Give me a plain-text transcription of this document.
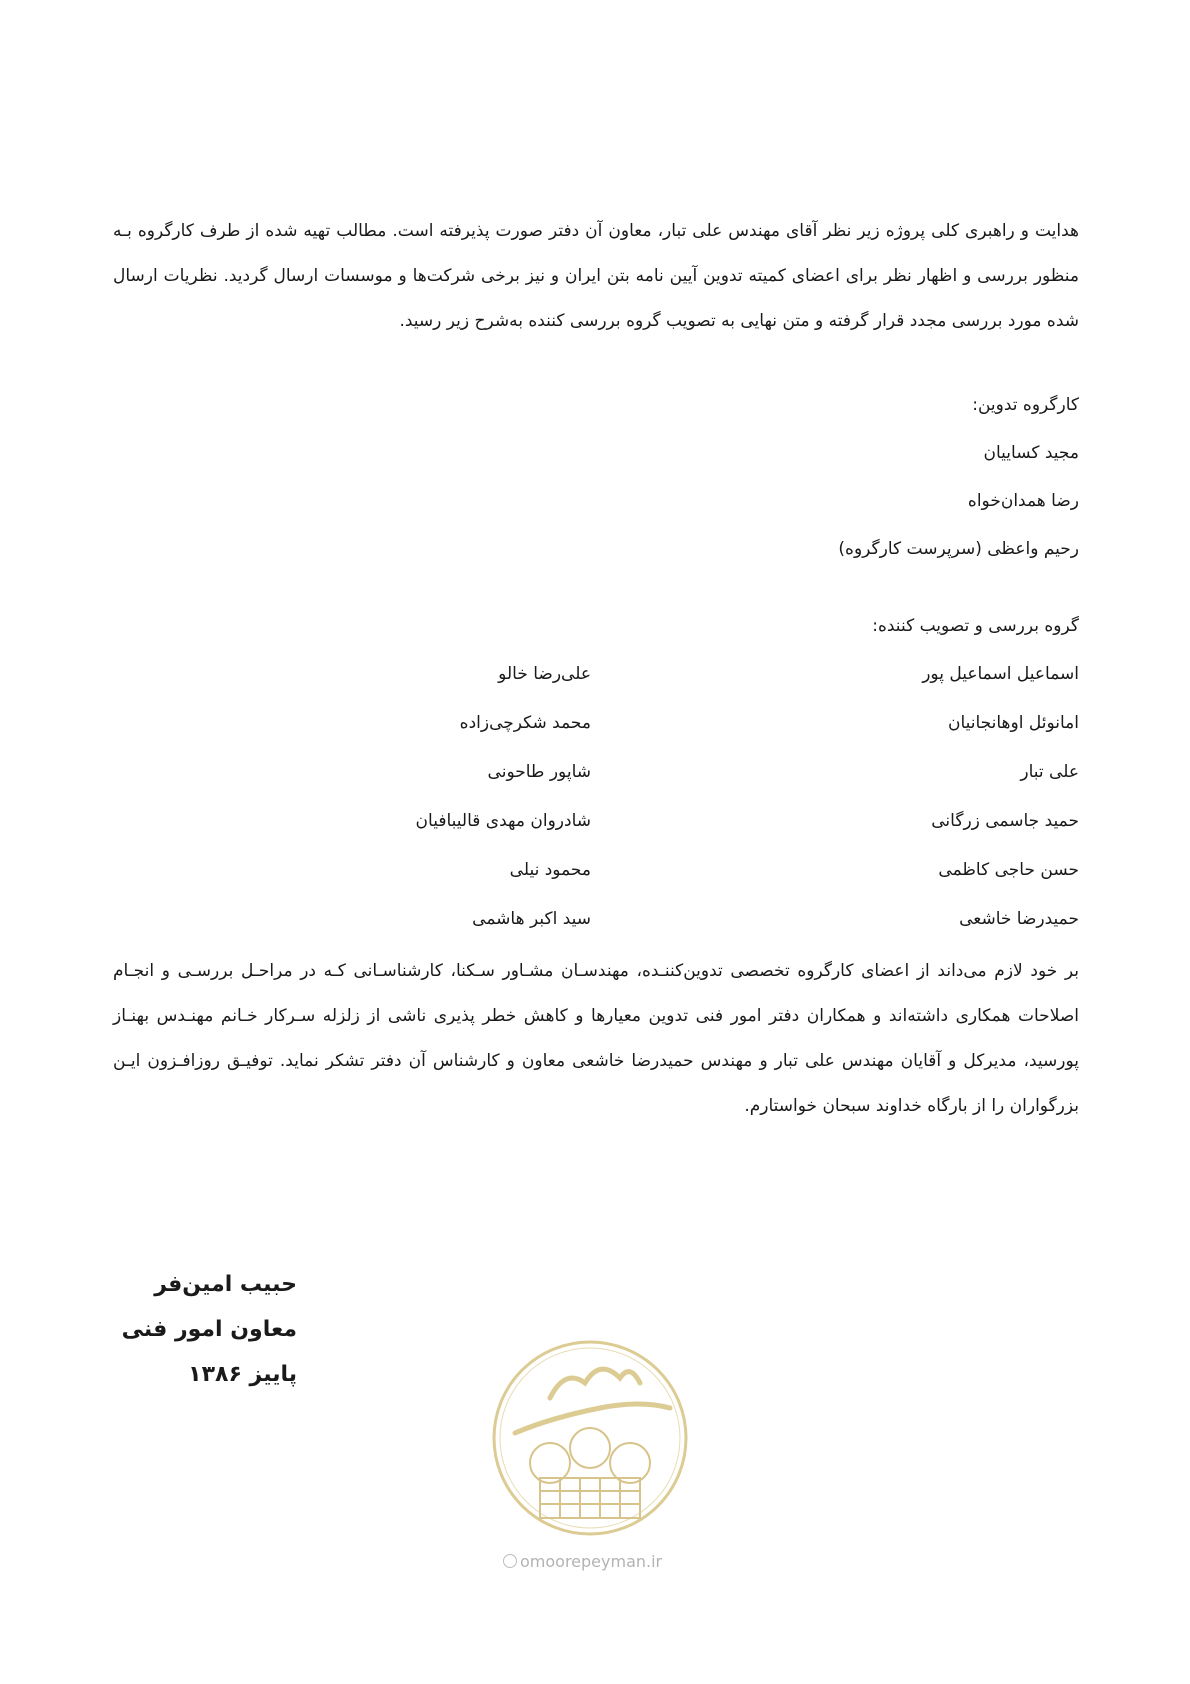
هدایت و راهبری کلی پروژه زیر نظر آقای مهندس علی تبار، معاون آن دفتر صورت پذیرفته است. مطالب تهیه شده از طرف کارگروه بـه منظور بررسی و اظهار نظر برای اعضای کمیته تدوین آیین نامه بتن ایران و نیز برخی شرکت‌ها و موسسات ارسال گردید. نظریات ارسال شده مورد بررسی مجدد قرار گرفته و متن نهایی به تصویب گروه بررسی کننده به‌شرح زیر رسید.

کارگروه تدوین:
مجید کساییان
رضا همدان‌خواه
رحیم واعظی (سرپرست کارگروه)
گروه بررسی و تصویب کننده:
اسماعیل اسماعیل پور
امانوئل اوهانجانیان
علی تبار
حمید جاسمی زرگانی
حسن حاجی کاظمی
حمیدرضا خاشعی
علی‌رضا خالو
محمد شکرچی‌زاده
شاپور طاحونی
شادروان مهدی قالیبافیان
محمود نیلی
سید اکبر هاشمی

بر خود لازم می‌داند از اعضای کارگروه تخصصی تدوین‌کننـده، مهندسـان مشـاور سـکنا، کارشناسـانی کـه در مراحـل بررسـی و انجـام اصلاحات همکاری داشته‌اند و همکاران دفتر امور فنی تدوین معیارها و کاهش خطر پذیری ناشی از زلزله سـرکار خـانم مهنـدس بهنـاز پورسید، مدیرکل و آقایان مهندس علی تبار و مهندس حمیدرضا خاشعی معاون و کارشناس آن دفتر تشکر نماید. توفیـق روزافـزون ایـن بزرگواران را از بارگاه خداوند سبحان خواستارم.

حبیب امین‌فر
معاون امور فنی
پاییز ۱۳۸۶
omoorepeyman.ir
